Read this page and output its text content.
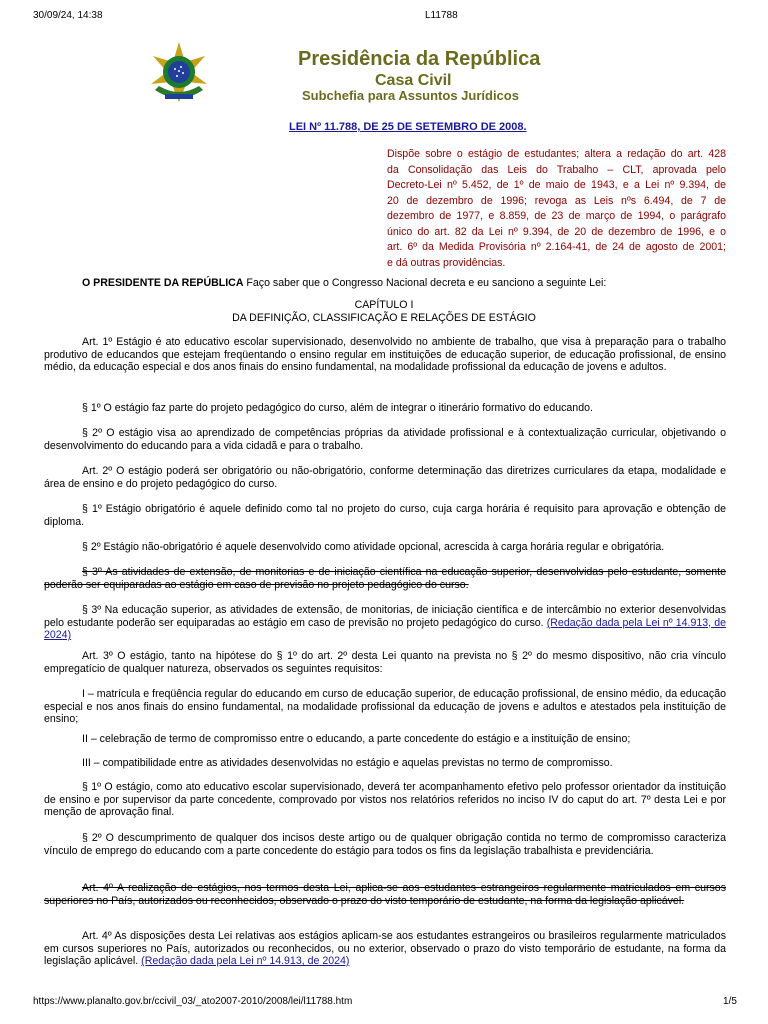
30/09/24, 14:38	L11788
Presidência da República
Casa Civil
Subchefia para Assuntos Jurídicos
LEI Nº 11.788, DE 25 DE SETEMBRO DE 2008.
Dispõe sobre o estágio de estudantes; altera a redação do art. 428
da Consolidação das Leis do Trabalho – CLT, aprovada pelo
Decreto-Lei nº 5.452, de 1º de maio de 1943, e a Lei nº 9.394, de
20 de dezembro de 1996; revoga as Leis nºs 6.494, de 7 de
dezembro de 1977, e 8.859, de 23 de março de 1994, o parágrafo
único do art. 82 da Lei nº 9.394, de 20 de dezembro de 1996, e o
art. 6º da Medida Provisória nº 2.164-41, de 24 de agosto de 2001;
e dá outras providências.
O PRESIDENTE DA REPÚBLICA Faço saber que o Congresso Nacional decreta e eu sanciono a seguinte Lei:
CAPÍTULO I
DA DEFINIÇÃO, CLASSIFICAÇÃO E RELAÇÕES DE ESTÁGIO
Art. 1º Estágio é ato educativo escolar supervisionado, desenvolvido no ambiente de trabalho, que visa à preparação para o trabalho produtivo de educandos que estejam freqüentando o ensino regular em instituições de educação superior, de educação profissional, de ensino médio, da educação especial e dos anos finais do ensino fundamental, na modalidade profissional da educação de jovens e adultos.
§ 1º O estágio faz parte do projeto pedagógico do curso, além de integrar o itinerário formativo do educando.
§ 2º O estágio visa ao aprendizado de competências próprias da atividade profissional e à contextualização curricular, objetivando o desenvolvimento do educando para a vida cidadã e para o trabalho.
Art. 2º O estágio poderá ser obrigatório ou não-obrigatório, conforme determinação das diretrizes curriculares da etapa, modalidade e área de ensino e do projeto pedagógico do curso.
§ 1º Estágio obrigatório é aquele definido como tal no projeto do curso, cuja carga horária é requisito para aprovação e obtenção de diploma.
§ 2º Estágio não-obrigatório é aquele desenvolvido como atividade opcional, acrescida à carga horária regular e obrigatória.
§ 3º As atividades de extensão, de monitorias e de iniciação científica na educação superior, desenvolvidas pelo estudante, somente poderão ser equiparadas ao estágio em caso de previsão no projeto pedagógico do curso.
§ 3º Na educação superior, as atividades de extensão, de monitorias, de iniciação científica e de intercâmbio no exterior desenvolvidas pelo estudante poderão ser equiparadas ao estágio em caso de previsão no projeto pedagógico do curso. (Redação dada pela Lei nº 14.913, de 2024)
Art. 3º O estágio, tanto na hipótese do § 1º do art. 2º desta Lei quanto na prevista no § 2º do mesmo dispositivo, não cria vínculo empregatício de qualquer natureza, observados os seguintes requisitos:
I – matrícula e freqüência regular do educando em curso de educação superior, de educação profissional, de ensino médio, da educação especial e nos anos finais do ensino fundamental, na modalidade profissional da educação de jovens e adultos e atestados pela instituição de ensino;
II – celebração de termo de compromisso entre o educando, a parte concedente do estágio e a instituição de ensino;
III – compatibilidade entre as atividades desenvolvidas no estágio e aquelas previstas no termo de compromisso.
§ 1º O estágio, como ato educativo escolar supervisionado, deverá ter acompanhamento efetivo pelo professor orientador da instituição de ensino e por supervisor da parte concedente, comprovado por vistos nos relatórios referidos no inciso IV do caput do art. 7º desta Lei e por menção de aprovação final.
§ 2º O descumprimento de qualquer dos incisos deste artigo ou de qualquer obrigação contida no termo de compromisso caracteriza vínculo de emprego do educando com a parte concedente do estágio para todos os fins da legislação trabalhista e previdenciária.
Art. 4º A realização de estágios, nos termos desta Lei, aplica-se aos estudantes estrangeiros regularmente matriculados em cursos superiores no País, autorizados ou reconhecidos, observado o prazo do visto temporário de estudante, na forma da legislação aplicável.
Art. 4º As disposições desta Lei relativas aos estágios aplicam-se aos estudantes estrangeiros ou brasileiros regularmente matriculados em cursos superiores no País, autorizados ou reconhecidos, ou no exterior, observado o prazo do visto temporário de estudante, na forma da legislação aplicável. (Redação dada pela Lei nº 14.913, de 2024)
https://www.planalto.gov.br/ccivil_03/_ato2007-2010/2008/lei/l11788.htm	1/5
